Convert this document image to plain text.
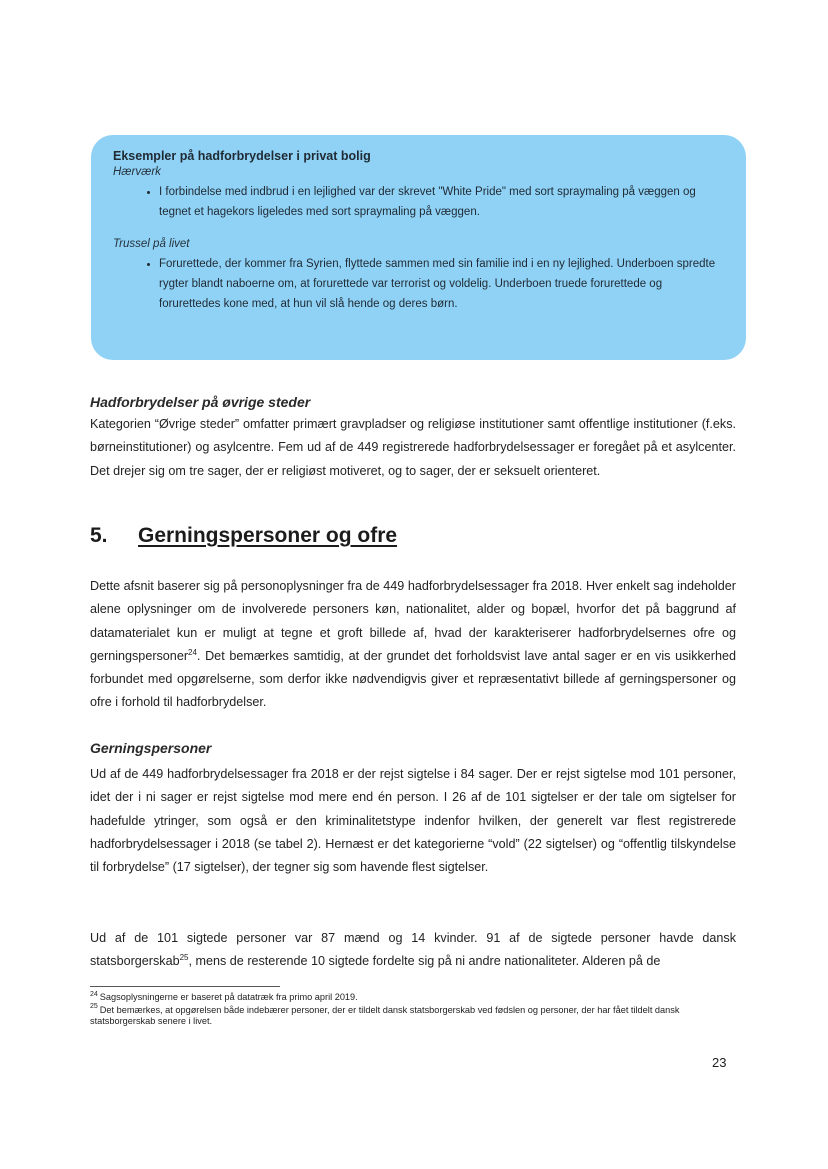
Eksempler på hadforbrydelser i privat bolig

Hærværk

• I forbindelse med indbrud i en lejlighed var der skrevet "White Pride" med sort spraymaling på væggen og tegnet et hagekors ligeledes med sort spraymaling på væggen.

Trussel på livet

• Forurettede, der kommer fra Syrien, flyttede sammen med sin familie ind i en ny lejlighed. Underboen spredte rygter blandt naboerne om, at forurettede var terrorist og voldelig. Underboen truede forurettede og forurettedes kone med, at hun vil slå hende og deres børn.
Hadforbrydelser på øvrige steder

Kategorien “Øvrige steder” omfatter primært gravpladser og religiøse institutioner samt offentlige institutioner (f.eks. børneinstitutioner) og asylcentre. Fem ud af de 449 registrerede hadforbrydelsessager er foregået på et asylcenter. Det drejer sig om tre sager, der er religiøst motiveret, og to sager, der er seksuelt orienteret.

5. Gerningspersoner og ofre

Dette afsnit baserer sig på personoplysninger fra de 449 hadforbrydelsessager fra 2018. Hver enkelt sag indeholder alene oplysninger om de involverede personers køn, nationalitet, alder og bopæl, hvorfor det på baggrund af datamaterialet kun er muligt at tegne et groft billede af, hvad der karakteriserer hadforbrydelsernes ofre og gerningspersoner$^{24}$. Det bemærkes samtidig, at der grundet det forholdsvist lave antal sager er en vis usikkerhed forbundet med opgørelserne, som derfor ikke nødvendigvis giver et repræsentativt billede af gerningspersoner og ofre i forhold til hadforbrydelser.

Gerningspersoner

Ud af de 449 hadforbrydelsessager fra 2018 er der rejst sigtelse i 84 sager. Der er rejst sigtelse mod 101 personer, idet der i ni sager er rejst sigtelse mod mere end én person. I 26 af de 101 sigtelser er der tale om sigtelser for hadefulde ytringer, som også er den kriminalitetstype indenfor hvilken, der generelt var flest registrerede hadforbrydelsessager i 2018 (se tabel 2). Hernæst er det kategorierne “vold” (22 sigtelser) og “offentlig tilskyndelse til forbrydelse” (17 sigtelser), der tegner sig som havende flest sigtelser.

Ud af de 101 sigtede personer var 87 mænd og 14 kvinder. 91 af de sigtede personer havde dansk statsborgerskab$^{25}$, mens de resterende 10 sigtede fordelte sig på ni andre nationaliteter. Alderen på de

$^{24}$ Sagsoplysningerne er baseret på datatræk fra primo april 2019.

$^{25}$ Det bemærkes, at opgørelsen både indebærer personer, der er tildelt dansk statsborgerskab ved fødslen og personer, der har fået tildelt dansk statsborgerskab senere i livet.

23
